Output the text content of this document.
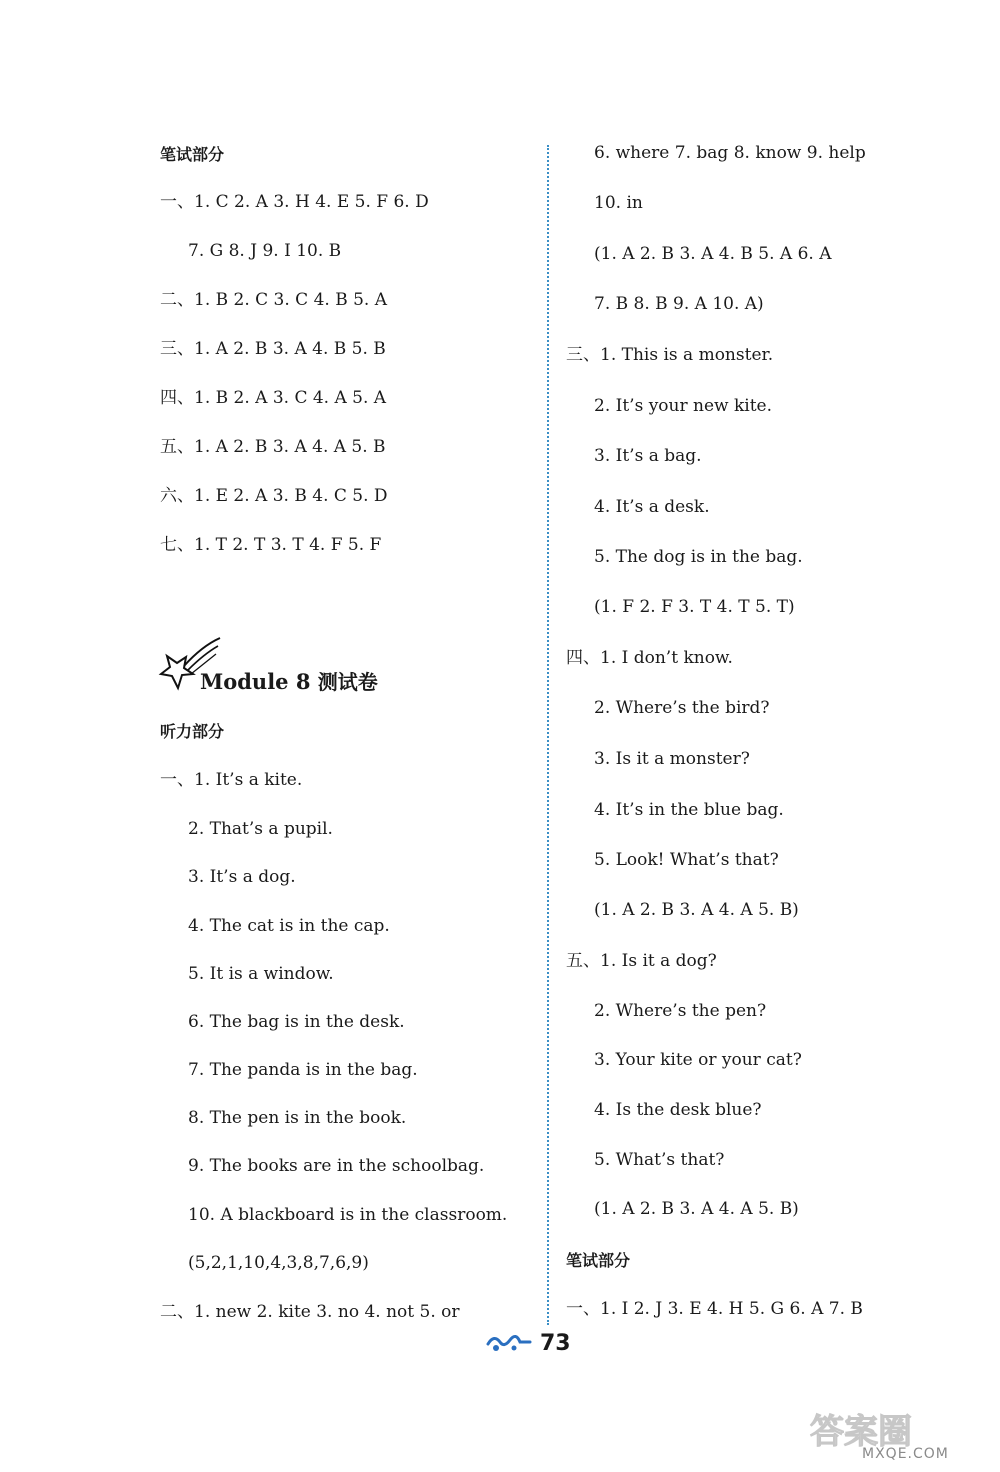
笔试部分
一、1. C 2. A 3. H 4. E 5. F 6. D
7. G 8. J 9. I 10. B
二、1. B 2. C 3. C 4. B 5. A
三、1. A 2. B 3. A 4. B 5. B
四、1. B 2. A 3. C 4. A 5. A
五、1. A 2. B 3. A 4. A 5. B
六、1. E 2. A 3. B 4. C 5. D
七、1. T 2. T 3. T 4. F 5. F
Module 8 测试卷
听力部分
一、1. It’s a kite.
2. That’s a pupil.
3. It’s a dog.
4. The cat is in the cap.
5. It is a window.
6. The bag is in the desk.
7. The panda is in the bag.
8. The pen is in the book.
9. The books are in the schoolbag.
10. A blackboard is in the classroom.
(5,2,1,10,4,3,8,7,6,9)
二、1. new 2. kite 3. no 4. not 5. or
6. where 7. bag 8. know 9. help
10. in
(1. A 2. B 3. A 4. B 5. A 6. A
7. B 8. B 9. A 10. A)
三、1. This is a monster.
2. It’s your new kite.
3. It’s a bag.
4. It’s a desk.
5. The dog is in the bag.
(1. F 2. F 3. T 4. T 5. T)
四、1. I don’t know.
2. Where’s the bird?
3. Is it a monster?
4. It’s in the blue bag.
5. Look! What’s that?
(1. A 2. B 3. A 4. A 5. B)
五、1. Is it a dog?
2. Where’s the pen?
3. Your kite or your cat?
4. Is the desk blue?
5. What’s that?
(1. A 2. B 3. A 4. A 5. B)
笔试部分
一、1. I 2. J 3. E 4. H 5. G 6. A 7. B
73
答案圈
MXQE.COM
